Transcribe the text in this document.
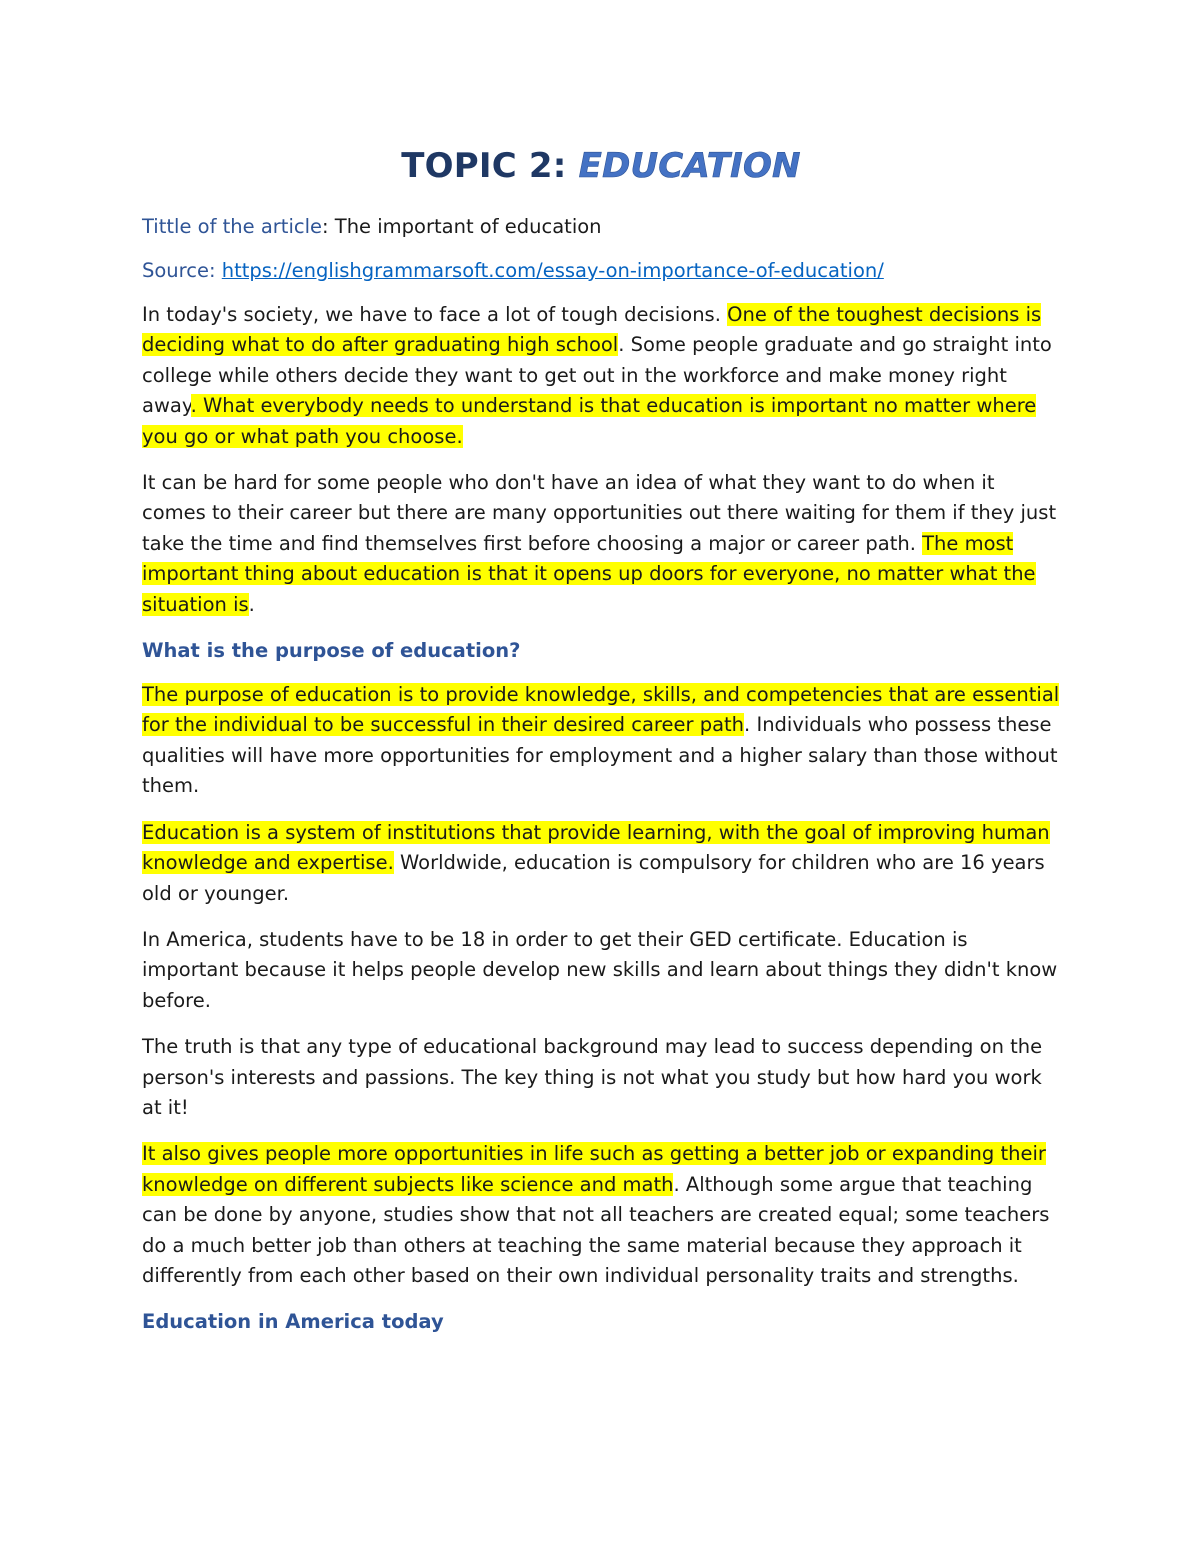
TOPIC 2: EDUCATION

Tittle of the article: The important of education

Source: https://englishgrammarsoft.com/essay-on-importance-of-education/

In today's society, we have to face a lot of tough decisions. One of the toughest decisions is deciding what to do after graduating high school. Some people graduate and go straight into college while others decide they want to get out in the workforce and make money right away. What everybody needs to understand is that education is important no matter where you go or what path you choose.

It can be hard for some people who don't have an idea of what they want to do when it comes to their career but there are many opportunities out there waiting for them if they just take the time and find themselves first before choosing a major or career path. The most important thing about education is that it opens up doors for everyone, no matter what the situation is.

What is the purpose of education?

The purpose of education is to provide knowledge, skills, and competencies that are essential for the individual to be successful in their desired career path. Individuals who possess these qualities will have more opportunities for employment and a higher salary than those without them.

Education is a system of institutions that provide learning, with the goal of improving human knowledge and expertise. Worldwide, education is compulsory for children who are 16 years old or younger.

In America, students have to be 18 in order to get their GED certificate. Education is important because it helps people develop new skills and learn about things they didn't know before.

The truth is that any type of educational background may lead to success depending on the person's interests and passions. The key thing is not what you study but how hard you work at it!

It also gives people more opportunities in life such as getting a better job or expanding their knowledge on different subjects like science and math. Although some argue that teaching can be done by anyone, studies show that not all teachers are created equal; some teachers do a much better job than others at teaching the same material because they approach it differently from each other based on their own individual personality traits and strengths.

Education in America today
